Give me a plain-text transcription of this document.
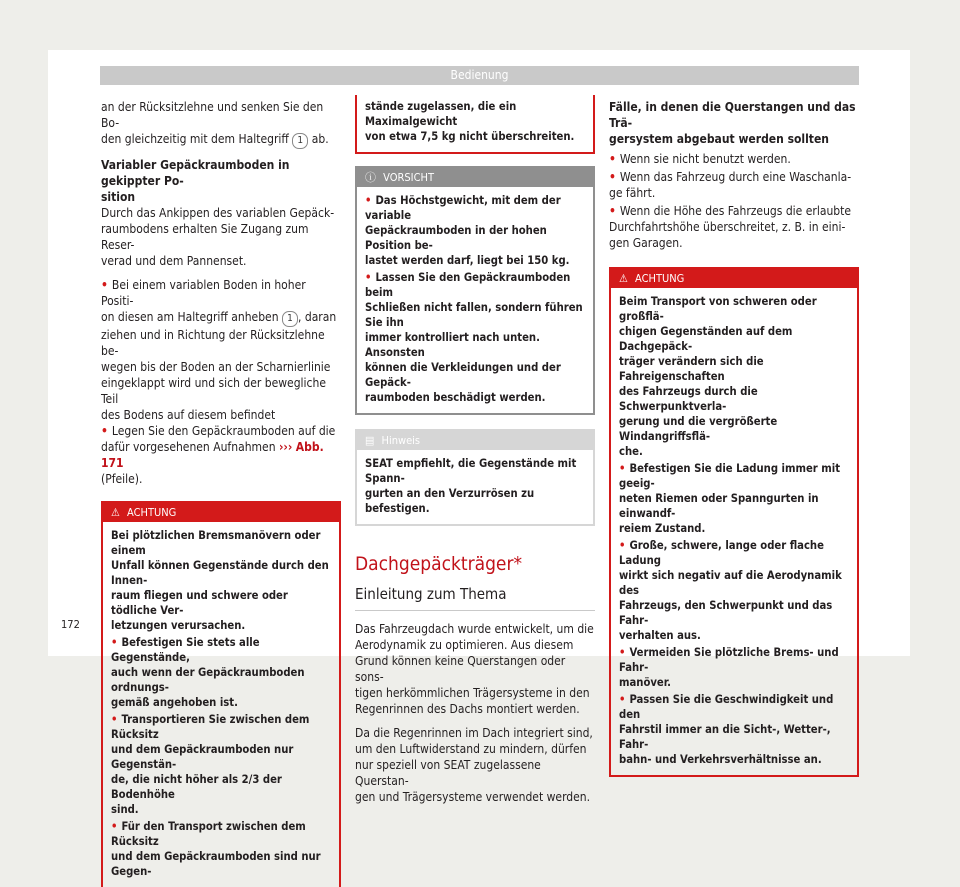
Bedienung

an der Rücksitzlehne und senken Sie den Bo-
den gleichzeitig mit dem Haltegriff 1 ab.

Variabler Gepäckraumboden in gekippter Po-
sition

Durch das Ankippen des variablen Gepäck-
raumbodens erhalten Sie Zugang zum Reser-
verad und dem Pannenset.

• Bei einem variablen Boden in hoher Positi-
on diesen am Haltegriff anheben 1 , daran
ziehen und in Richtung der Rücksitzlehne be-
wegen bis der Boden an der Scharnierlinie
eingeklappt wird und sich der bewegliche Teil
des Bodens auf diesem befindet

• Legen Sie den Gepäckraumboden auf die
dafür vorgesehenen Aufnahmen ››› Abb. 171
(Pfeile).

⚠ ACHTUNG
Bei plötzlichen Bremsmanövern oder einem
Unfall können Gegenstände durch den Innen-
raum fliegen und schwere oder tödliche Ver-
letzungen verursachen.
• Befestigen Sie stets alle Gegenstände,
auch wenn der Gepäckraumboden ordnungs-
gemäß angehoben ist.
• Transportieren Sie zwischen dem Rücksitz
und dem Gepäckraumboden nur Gegenstän-
de, die nicht höher als 2/3 der Bodenhöhe
sind.
• Für den Transport zwischen dem Rücksitz
und dem Gepäckraumboden sind nur Gegen-
stände zugelassen, die ein Maximalgewicht
von etwa 7,5 kg nicht überschreiten.
ⓘ VORSICHT
• Das Höchstgewicht, mit dem der variable
Gepäckraumboden in der hohen Position be-
lastet werden darf, liegt bei 150 kg.
• Lassen Sie den Gepäckraumboden beim
Schließen nicht fallen, sondern führen Sie ihn
immer kontrolliert nach unten. Ansonsten
können die Verkleidungen und der Gepäck-
raumboden beschädigt werden.
▤ Hinweis
SEAT empfiehlt, die Gegenstände mit Spann-
gurten an den Verzurrösen zu befestigen.
Dachgepäckträger*
Einleitung zum Thema

Das Fahrzeugdach wurde entwickelt, um die
Aerodynamik zu optimieren. Aus diesem
Grund können keine Querstangen oder sons-
tigen herkömmlichen Trägersysteme in den
Regenrinnen des Dachs montiert werden.

Da die Regenrinnen im Dach integriert sind,
um den Luftwiderstand zu mindern, dürfen
nur speziell von SEAT zugelassene Querstan-
gen und Trägersysteme verwendet werden.

Fälle, in denen die Querstangen und das Trä-
gersystem abgebaut werden sollten

• Wenn sie nicht benutzt werden.

• Wenn das Fahrzeug durch eine Waschanla-
ge fährt.

• Wenn die Höhe des Fahrzeugs die erlaubte
Durchfahrtshöhe überschreitet, z. B. in eini-
gen Garagen.

⚠ ACHTUNG
Beim Transport von schweren oder großflä-
chigen Gegenständen auf dem Dachgepäck-
träger verändern sich die Fahreigenschaften
des Fahrzeugs durch die Schwerpunktverla-
gerung und die vergrößerte Windangriffsflä-
che.
• Befestigen Sie die Ladung immer mit geeig-
neten Riemen oder Spanngurten in einwandf-
reiem Zustand.
• Große, schwere, lange oder flache Ladung
wirkt sich negativ auf die Aerodynamik des
Fahrzeugs, den Schwerpunkt und das Fahr-
verhalten aus.
• Vermeiden Sie plötzliche Brems- und Fahr-
manöver.
• Passen Sie die Geschwindigkeit und den
Fahrstil immer an die Sicht-, Wetter-, Fahr-
bahn- und Verkehrsverhältnisse an.
172
